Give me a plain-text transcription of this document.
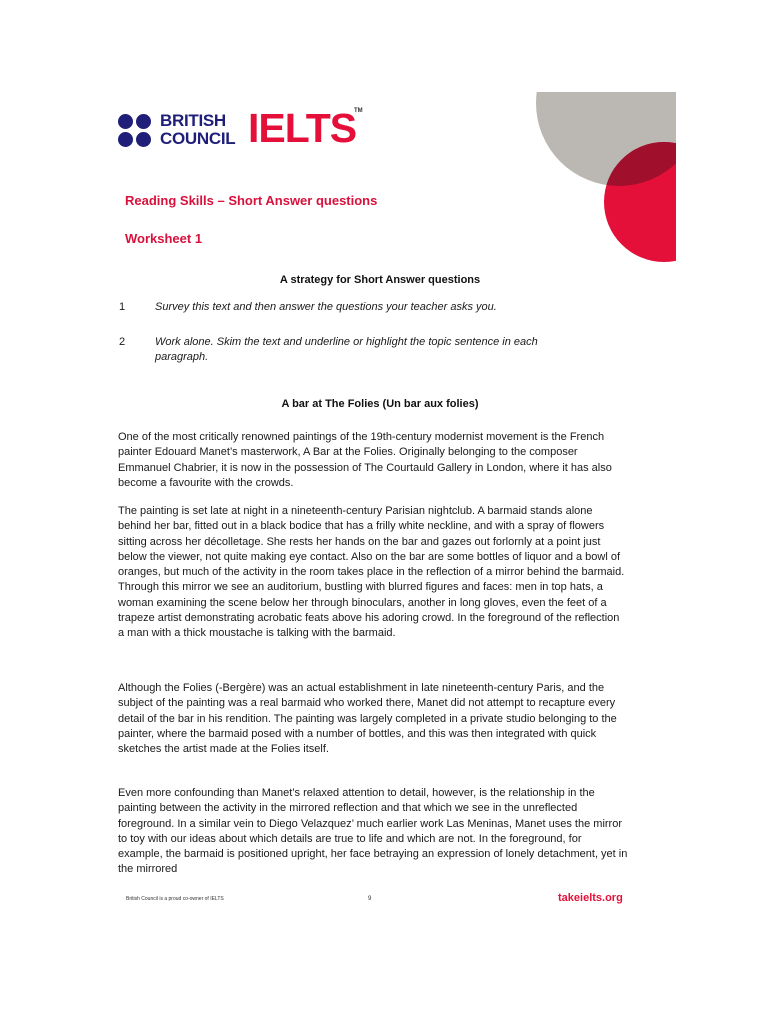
BRITISH
COUNCIL IELTS
TM
Reading Skills – Short Answer questions
Worksheet 1
A strategy for Short Answer questions
1	Survey this text and then answer the questions your teacher asks you.
2	Work alone. Skim the text and underline or highlight the topic sentence in each paragraph.
A bar at The Folies (Un bar aux folies)

One of the most critically renowned paintings of the 19th-century modernist movement is the French painter Edouard Manet’s masterwork, A Bar at the Folies. Originally belonging to the composer Emmanuel Chabrier, it is now in the possession of The Courtauld Gallery in London, where it has also become a favourite with the crowds.

The painting is set late at night in a nineteenth-century Parisian nightclub. A barmaid stands alone behind her bar, fitted out in a black bodice that has a frilly white neckline, and with a spray of flowers sitting across her décolletage. She rests her hands on the bar and gazes out forlornly at a point just below the viewer, not quite making eye contact. Also on the bar are some bottles of liquor and a bowl of oranges, but much of the activity in the room takes place in the reflection of a mirror behind the barmaid. Through this mirror we see an auditorium, bustling with blurred figures and faces: men in top hats, a woman examining the scene below her through binoculars, another in long gloves, even the feet of a trapeze artist demonstrating acrobatic feats above his adoring crowd. In the foreground of the reflection a man with a thick moustache is talking with the barmaid.

Although the Folies (-Bergère) was an actual establishment in late nineteenth-century Paris, and the subject of the painting was a real barmaid who worked there, Manet did not attempt to recapture every detail of the bar in his rendition. The painting was largely completed in a private studio belonging to the painter, where the barmaid posed with a number of bottles, and this was then integrated with quick sketches the artist made at the Folies itself.

Even more confounding than Manet’s relaxed attention to detail, however, is the relationship in the painting between the activity in the mirrored reflection and that which we see in the unreflected foreground. In a similar vein to Diego Velazquez’ much earlier work Las Meninas, Manet uses the mirror to toy with our ideas about which details are true to life and which are not. In the foreground, for example, the barmaid is positioned upright, her face betraying an expression of lonely detachment, yet in the mirrored

British Council is a proud co-owner of IELTS	9	takeielts.org
